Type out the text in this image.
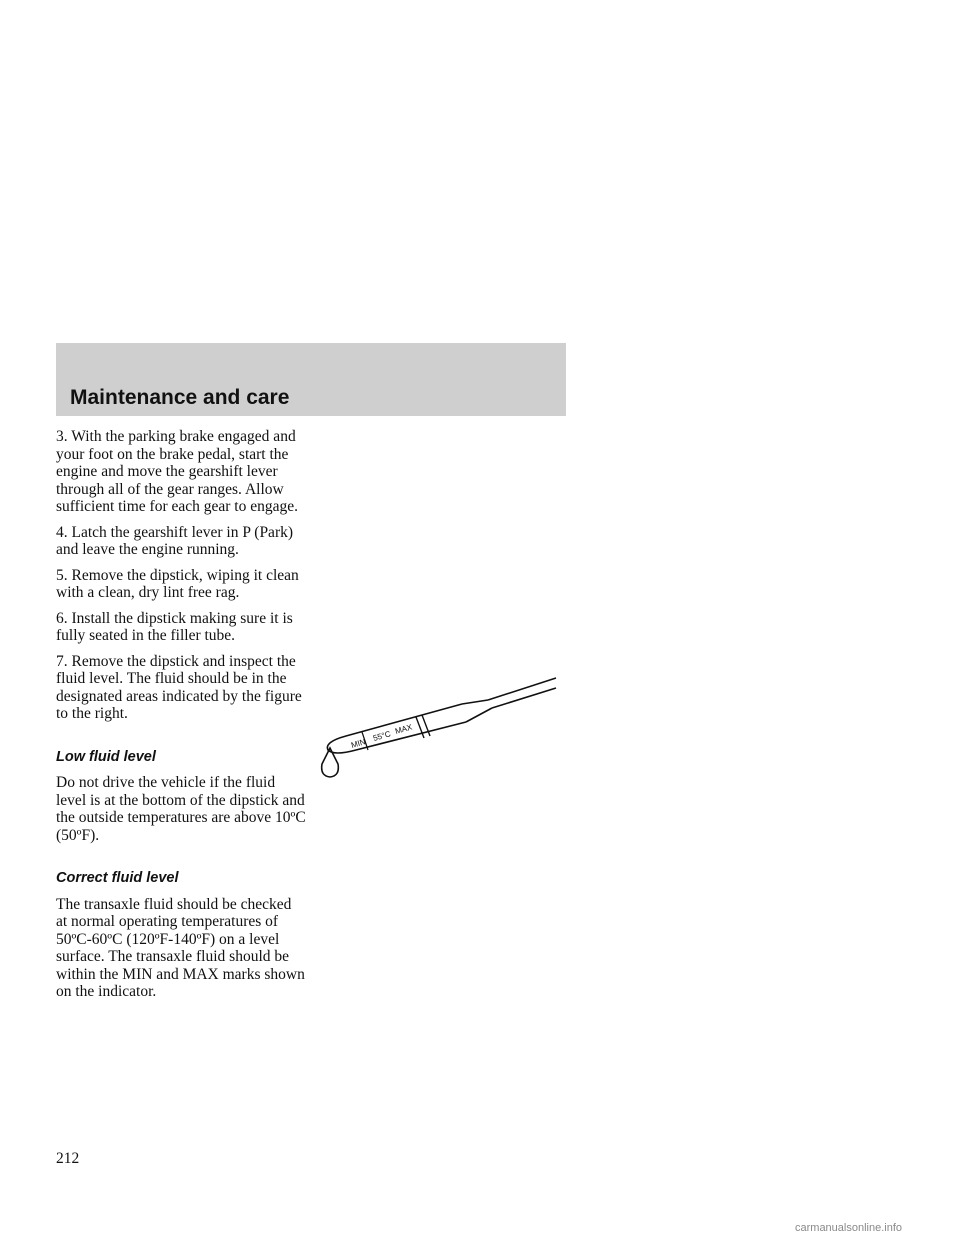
Maintenance and care

3. With the parking brake engaged and your foot on the brake pedal, start the engine and move the gearshift lever through all of the gear ranges. Allow sufficient time for each gear to engage.

4. Latch the gearshift lever in P (Park) and leave the engine running.

5. Remove the dipstick, wiping it clean with a clean, dry lint free rag.

6. Install the dipstick making sure it is fully seated in the filler tube.

7. Remove the dipstick and inspect the fluid level. The fluid should be in the designated areas indicated by the figure to the right.

Low fluid level

Do not drive the vehicle if the fluid level is at the bottom of the dipstick and the outside temperatures are above 10ºC (50ºF).

Correct fluid level

The transaxle fluid should be checked at normal operating temperatures of 50ºC-60ºC (120ºF-140ºF) on a level surface. The transaxle fluid should be within the MIN and MAX marks shown on the indicator.

MIN
55°C
MAX
212
carmanualsonline.info
